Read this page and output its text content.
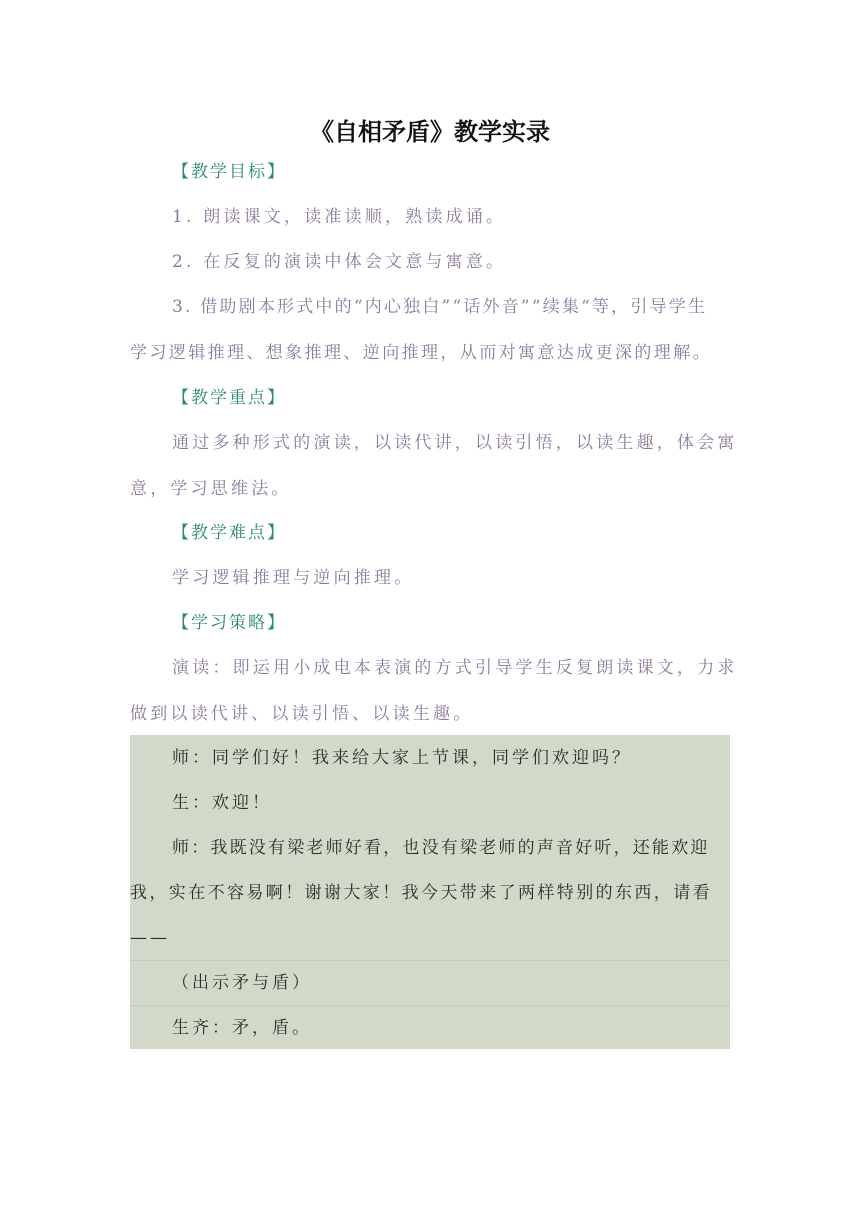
《自相矛盾》教学实录
【教学目标】
1. 朗读课文，读准读顺，熟读成诵。
2. 在反复的演读中体会文意与寓意。
3. 借助剧本形式中的“内心独白”“话外音”“续集“等，引导学生
学习逻辑推理、想象推理、逆向推理，从而对寓意达成更深的理解。
【教学重点】
通过多种形式的演读，以读代讲，以读引悟，以读生趣，体会寓
意，学习思维法。
【教学难点】
学习逻辑推理与逆向推理。
【学习策略】
演读：即运用小成电本表演的方式引导学生反复朗读课文，力求
做到以读代讲、以读引悟、以读生趣。
师：同学们好！我来给大家上节课，同学们欢迎吗？
生：欢迎！
师：我既没有梁老师好看，也没有梁老师的声音好听，还能欢迎
我，实在不容易啊！谢谢大家！我今天带来了两样特别的东西，请看
——
（出示矛与盾）
生齐：矛，盾。
